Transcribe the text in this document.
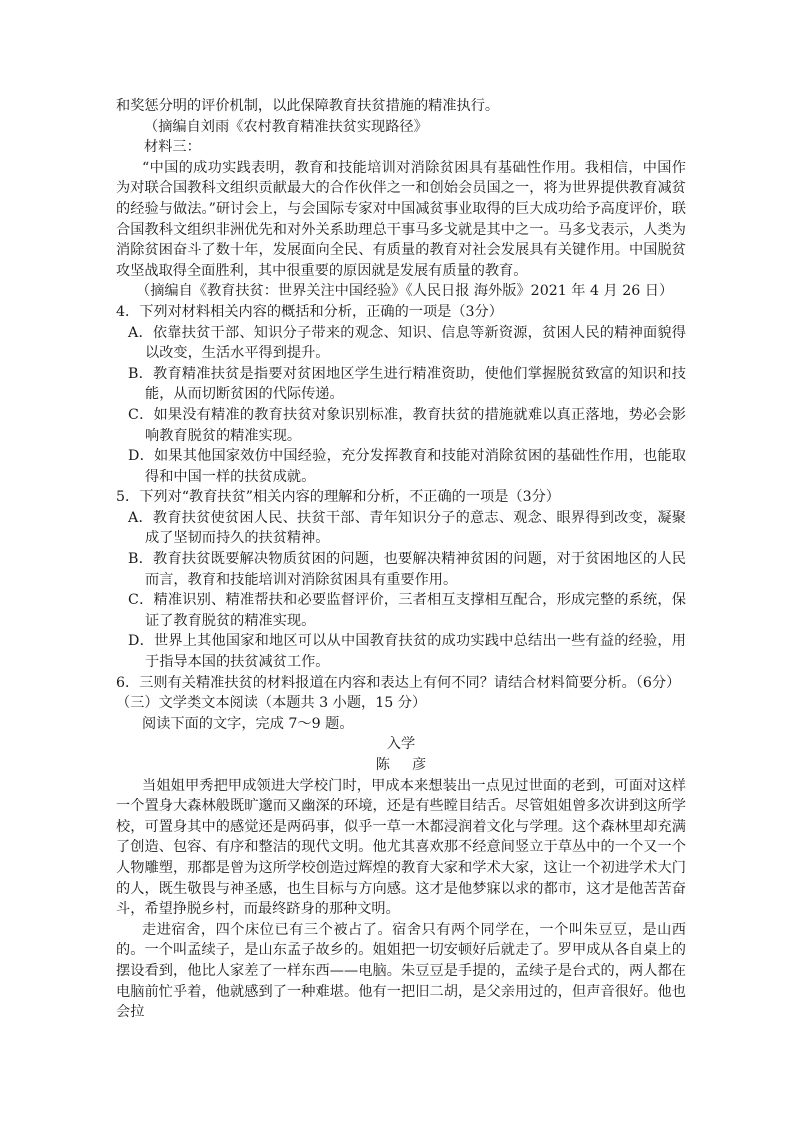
和奖惩分明的评价机制，以此保障教育扶贫措施的精准执行。

（摘编自刘雨《农村教育精准扶贫实现路径》

材料三：

“中国的成功实践表明，教育和技能培训对消除贫困具有基础性作用。我相信，中国作为对联合国教科文组织贡献最大的合作伙伴之一和创始会员国之一，将为世界提供教育减贫的经验与做法。”研讨会上，与会国际专家对中国减贫事业取得的巨大成功给予高度评价，联合国教科文组织非洲优先和对外关系助理总干事马多戈就是其中之一。马多戈表示，人类为消除贫困奋斗了数十年，发展面向全民、有质量的教育对社会发展具有关键作用。中国脱贫攻坚战取得全面胜利，其中很重要的原因就是发展有质量的教育。

（摘编自《教育扶贫：世界关注中国经验》《人民日报 海外版》2021 年 4 月 26 日）

4．下列对材料相关内容的概括和分析，正确的一项是（3分）

A．依靠扶贫干部、知识分子带来的观念、知识、信息等新资源，贫困人民的精神面貌得以改变，生活水平得到提升。

B．教育精准扶贫是指要对贫困地区学生进行精准资助，使他们掌握脱贫致富的知识和技能，从而切断贫困的代际传递。

C．如果没有精准的教育扶贫对象识别标准，教育扶贫的措施就难以真正落地，势必会影响教育脱贫的精准实现。

D．如果其他国家效仿中国经验，充分发挥教育和技能对消除贫困的基础性作用，也能取得和中国一样的扶贫成就。

5．下列对“教育扶贫”相关内容的理解和分析，不正确的一项是（3分）

A．教育扶贫使贫困人民、扶贫干部、青年知识分子的意志、观念、眼界得到改变，凝聚成了坚韧而持久的扶贫精神。

B．教育扶贫既要解决物质贫困的问题，也要解决精神贫困的问题，对于贫困地区的人民而言，教育和技能培训对消除贫困具有重要作用。

C．精准识别、精准帮扶和必要监督评价，三者相互支撑相互配合，形成完整的系统，保证了教育脱贫的精准实现。

D．世界上其他国家和地区可以从中国教育扶贫的成功实践中总结出一些有益的经验，用于指导本国的扶贫减贫工作。

6．三则有关精准扶贫的材料报道在内容和表达上有何不同？请结合材料简要分析。（6分）

（三）文学类文本阅读（本题共 3 小题，15 分）

阅读下面的文字，完成 7～9 题。

入学

陈 彦

当姐姐甲秀把甲成领进大学校门时，甲成本来想装出一点见过世面的老到，可面对这样一个置身大森林般既旷邈而又幽深的环境，还是有些瞠目结舌。尽管姐姐曾多次讲到这所学校，可置身其中的感觉还是两码事，似乎一草一木都浸润着文化与学理。这个森林里却充满了创造、包容、有序和整洁的现代文明。他尤其喜欢那不经意间竖立于草丛中的一个又一个人物雕塑，那都是曾为这所学校创造过辉煌的教育大家和学术大家，这让一个初进学术大门的人，既生敬畏与神圣感，也生目标与方向感。这才是他梦寐以求的都市，这才是他苦苦奋斗，希望挣脱乡村，而最终跻身的那种文明。

走进宿舍，四个床位已有三个被占了。宿舍只有两个同学在，一个叫朱豆豆，是山西的。一个叫孟续子，是山东孟子故乡的。姐姐把一切安顿好后就走了。罗甲成从各自桌上的摆设看到，他比人家差了一样东西——电脑。朱豆豆是手提的，孟续子是台式的，两人都在电脑前忙乎着，他就感到了一种难堪。他有一把旧二胡，是父亲用过的，但声音很好。他也会拉
